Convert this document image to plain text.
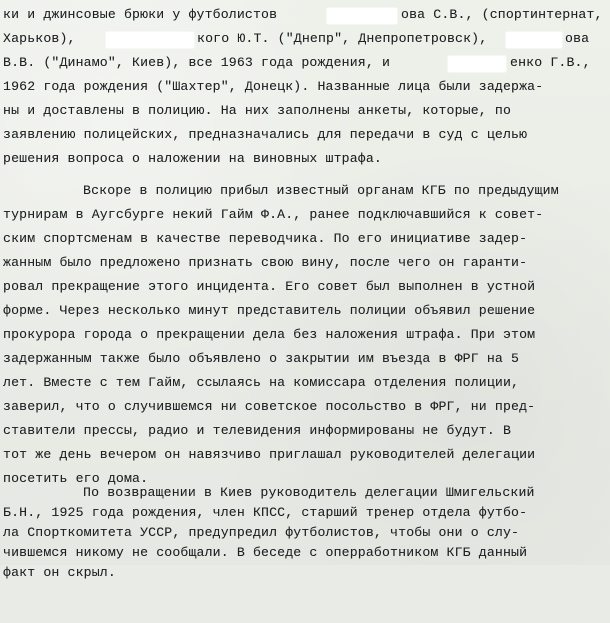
ки и джинсовые брюки у футболистов

	ова С.В., (спортинтернат,

Харьков),

	кого Ю.Т. ("Днепр", Днепропетровск),

	ова

В.В. ("Динамо", Киев), все 1963 года рождения, и

	енко Г.В.,

1962 года рождения ("Шахтер", Донецк). Названные лица были задержа-

ны и доставлены в полицию. На них заполнены анкеты, которые, по

заявлению полицейских, предназначались для передачи в суд с целью

решения вопроса о наложении на виновных штрафа.

Вскоре в полицию прибыл известный органам КГБ по предыдущим

турнирам в Аугсбурге некий Гайм Ф.А., ранее подключавшийся к совет-

ским спортсменам в качестве переводчика. По его инициативе задер-

жанным было предложено признать свою вину, после чего он гаранти-

ровал прекращение этого инцидента. Его совет был выполнен в устной

форме. Через несколько минут представитель полиции объявил решение

прокурора города о прекращении дела без наложения штрафа. При этом

задержанным также было объявлено о закрытии им въезда в ФРГ на 5

лет. Вместе с тем Гайм, ссылаясь на комиссара отделения полиции,

заверил, что о случившемся ни советское посольство в ФРГ, ни пред-

ставители прессы, радио и телевидения информированы не будут. В

тот же день вечером он навязчиво приглашал руководителей делегации

посетить его дома.

По возвращении в Киев руководитель делегации Шмигельский

Б.Н., 1925 года рождения, член КПСС, старший тренер отдела футбо-

ла Спорткомитета УССР, предупредил футболистов, чтобы они о слу-

чившемся никому не сообщали. В беседе с оперработником КГБ данный

факт он скрыл.
